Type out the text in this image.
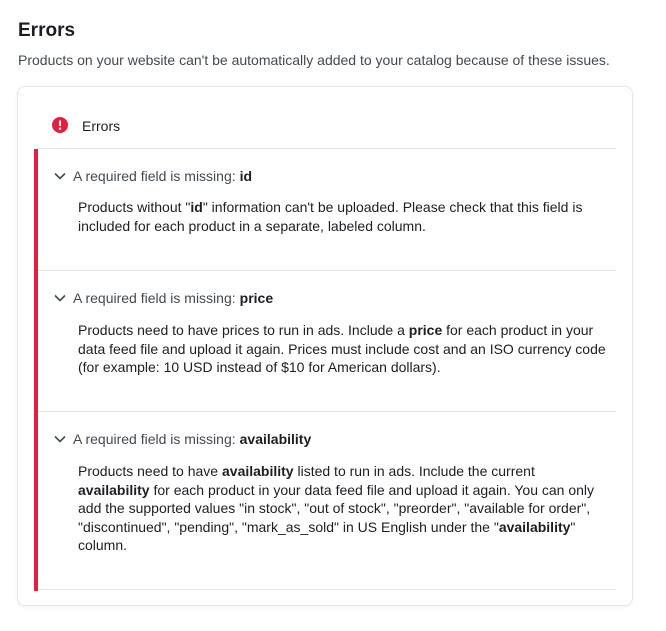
Errors
Products on your website can't be automatically added to your catalog because of these issues.
Errors
A required field is missing: id
Products without "id" information can't be uploaded. Please check that this field is included for each product in a separate, labeled column.
A required field is missing: price
Products need to have prices to run in ads. Include a price for each product in your data feed file and upload it again. Prices must include cost and an ISO currency code (for example: 10 USD instead of $10 for American dollars).
A required field is missing: availability
Products need to have availability listed to run in ads. Include the current availability for each product in your data feed file and upload it again. You can only add the supported values "in stock", "out of stock", "preorder", "available for order", "discontinued", "pending", "mark_as_sold" in US English under the "availability" column.
